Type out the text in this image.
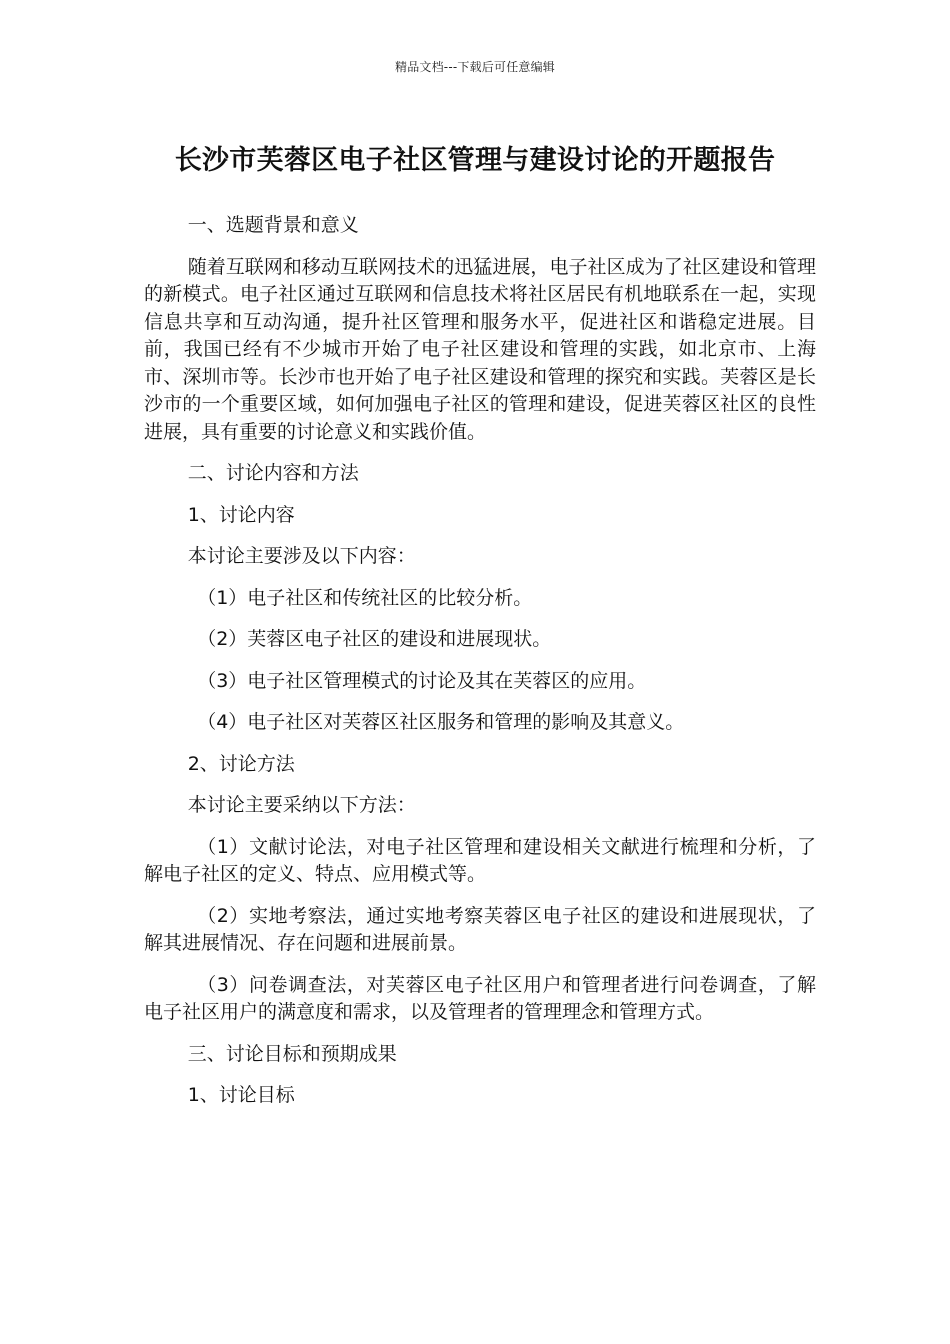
精品文档---下载后可任意编辑
长沙市芙蓉区电子社区管理与建设讨论的开题报告

一、选题背景和意义

随着互联网和移动互联网技术的迅猛进展，电子社区成为了社区建设和管理的新模式。电子社区通过互联网和信息技术将社区居民有机地联系在一起，实现信息共享和互动沟通，提升社区管理和服务水平，促进社区和谐稳定进展。目前，我国已经有不少城市开始了电子社区建设和管理的实践，如北京市、上海市、深圳市等。长沙市也开始了电子社区建设和管理的探究和实践。芙蓉区是长沙市的一个重要区域，如何加强电子社区的管理和建设，促进芙蓉区社区的良性进展，具有重要的讨论意义和实践价值。

二、讨论内容和方法

1、讨论内容

本讨论主要涉及以下内容：

（1）电子社区和传统社区的比较分析。

（2）芙蓉区电子社区的建设和进展现状。

（3）电子社区管理模式的讨论及其在芙蓉区的应用。

（4）电子社区对芙蓉区社区服务和管理的影响及其意义。

2、讨论方法

本讨论主要采纳以下方法：

（1）文献讨论法，对电子社区管理和建设相关文献进行梳理和分析，了解电子社区的定义、特点、应用模式等。

（2）实地考察法，通过实地考察芙蓉区电子社区的建设和进展现状，了解其进展情况、存在问题和进展前景。

（3）问卷调查法，对芙蓉区电子社区用户和管理者进行问卷调查，了解电子社区用户的满意度和需求，以及管理者的管理理念和管理方式。

三、讨论目标和预期成果

1、讨论目标
